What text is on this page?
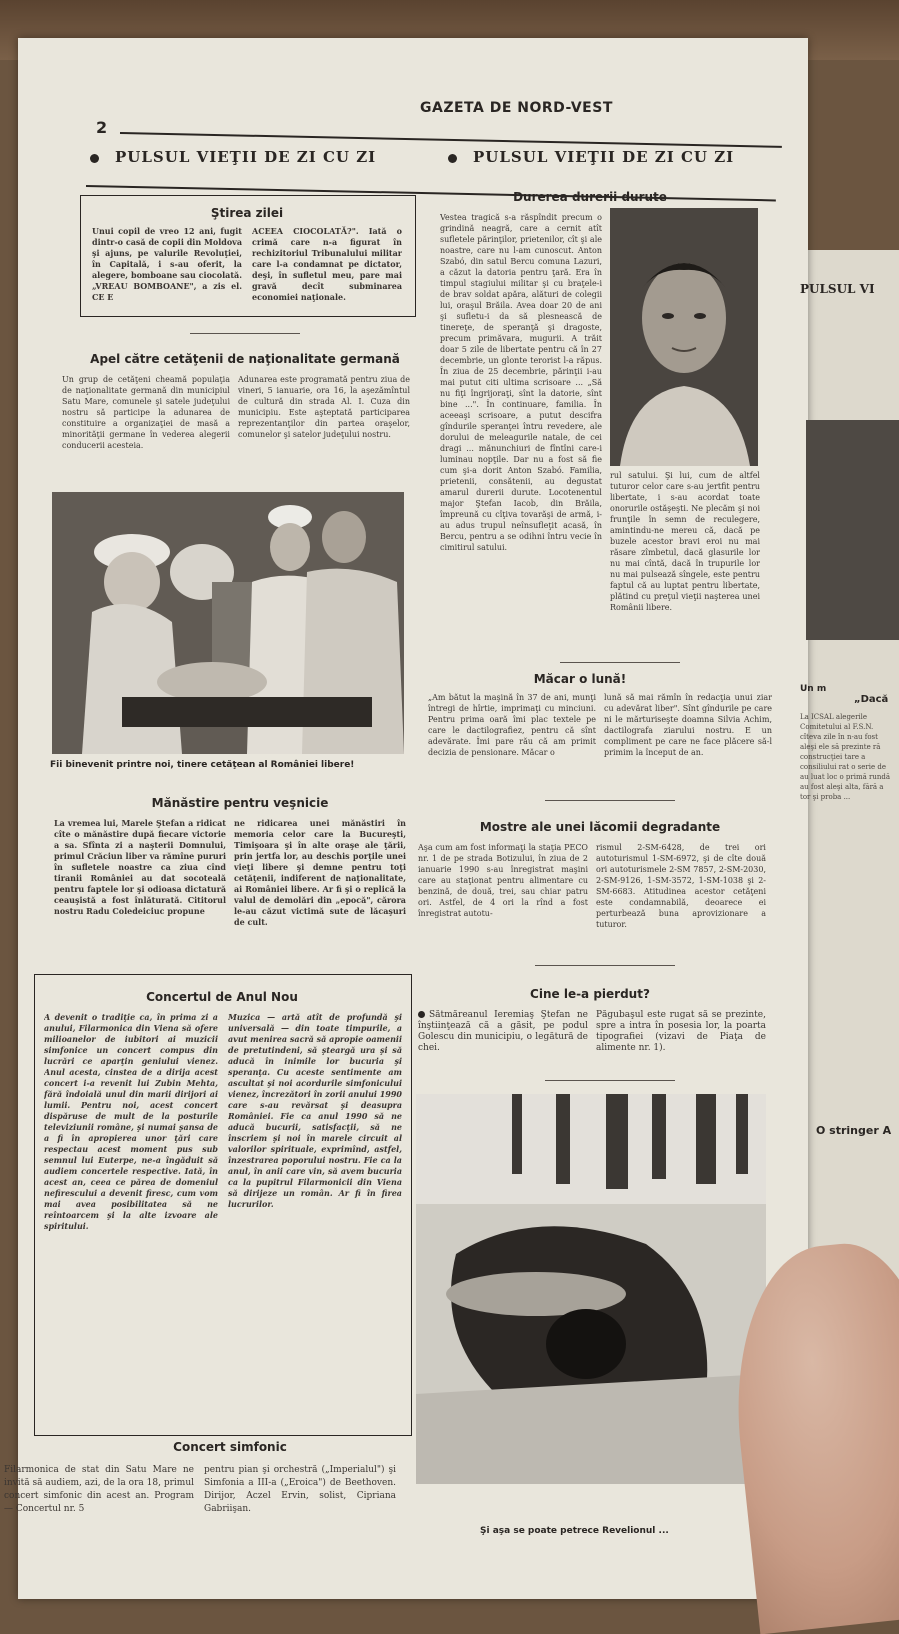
2
GAZETA DE NORD-VEST
PULSUL VIEŢII DE ZI CU ZI	PULSUL VIEŢII DE ZI CU ZI
Ştirea zilei
Unui copil de vreo 12 ani, fugit dintr-o casă de copii din Moldova şi ajuns, pe valurile Revoluţiei, în Capitală, i s-au oferit, la alegere, bomboane sau ciocolată. „VREAU BOMBOANE", a zis el. CE E
ACEEA CIOCOLATĂ?". Iată o crimă care n-a figurat în rechizitoriul Tribunalului militar care l-a condamnat pe dictator, deşi, în sufletul meu, pare mai gravă decît subminarea economiei naţionale.
Apel către cetăţenii de naţionalitate germană
Un grup de cetăţeni cheamă populaţia de naţionalitate germană din municipiul Satu Mare, comunele şi satele judeţului nostru să participe la adunarea de constituire a organizaţiei de masă a minorităţii germane în vederea alegerii conducerii acesteia.
Adunarea este programată pentru ziua de vineri, 5 ianuarie, ora 16, la aşezămîntul de cultură din strada Al. I. Cuza din municipiu. Este aşteptată participarea reprezentanţilor din partea oraşelor, comunelor şi satelor judeţului nostru.
Fii binevenit printre noi, tinere cetăţean al României libere!
Durerea durerii durute
Vestea tragică s-a răspîndit precum o grindină neagră, care a cernit atît sufletele părinţilor, prietenilor, cît şi ale noastre, care nu l-am cunoscut. Anton Szabó, din satul Bercu comuna Lazuri, a căzut la datoria pentru ţară. Era în timpul stagiului militar şi cu braţele-i de brav soldat apăra, alături de colegii lui, oraşul Brăila. Avea doar 20 de ani şi sufletu-i da să plesnească de tinereţe, de speranţă şi dragoste, precum primăvara, mugurii. A trăit doar 5 zile de libertate pentru că în 27 decembrie, un glonte terorist l-a răpus. În ziua de 25 decembrie, părinţii i-au mai putut citi ultima scrisoare ... „Să nu fiţi îngrijoraţi, sînt la datorie, sînt bine ...". În continuare, familia. În aceeaşi scrisoare, a putut descifra gîndurile speranţei întru revedere, ale dorului de meleagurile natale, de cei dragi ... mănunchiuri de fîntîni care-i luminau nopţile. Dar nu a fost să fie cum şi-a dorit Anton Szabó. Familia, prietenii, consătenii, au degustat amarul durerii durute. Locotenentul major Ştefan Iacob, din Brăila, împreună cu cîţiva tovarăşi de armă, i-au adus trupul neînsufleţit acasă, în Bercu, pentru a se odihni întru vecie în cimitirul satului.
rul satului. Şi lui, cum de altfel tuturor celor care s-au jertfit pentru libertate, i s-au acordat toate onorurile ostăşeşti. Ne plecăm şi noi frunţile în semn de reculegere, amintindu-ne mereu că, dacă pe buzele acestor bravi eroi nu mai răsare zîmbetul, dacă glasurile lor nu mai cîntă, dacă în trupurile lor nu mai pulsează sîngele, este pentru faptul că au luptat pentru libertate, plătind cu preţul vieţii naşterea unei Românii libere.
Măcar o lună!
„Am bătut la maşină în 37 de ani, munţi întregi de hîrtie, imprimaţi cu minciuni. Pentru prima oară îmi plac textele pe care le dactilografiez, pentru că sînt adevărate. Îmi pare rău că am primit decizia de pensionare. Măcar o
lună să mai rămîn în redacţia unui ziar cu adevărat liber". Sînt gîndurile pe care ni le mărturiseşte doamna Silvia Achim, dactilografa ziarului nostru. E un compliment pe care ne face plăcere să-l primim la început de an.
Mănăstire pentru veşnicie
La vremea lui, Marele Ştefan a ridicat cîte o mănăstire după fiecare victorie a sa. Sfînta zi a naşterii Domnului, primul Crăciun liber va rămîne pururi în sufletele noastre ca ziua cînd tiranii României au dat socoteală pentru faptele lor şi odioasa dictatură ceauşistă a fost înlăturată. Cititorul nostru Radu Coledeiciuc propune
ne ridicarea unei mănăstiri în memoria celor care la Bucureşti, Timişoara şi în alte oraşe ale ţării, prin jertfa lor, au deschis porţile unei vieţi libere şi demne pentru toţi cetăţenii, indiferent de naţionalitate, ai României libere. Ar fi şi o replică la valul de demolări din „epocă", cărora le-au căzut victimă sute de lăcaşuri de cult.
Mostre ale unei lăcomii degradante
Aşa cum am fost informaţi la staţia PECO nr. 1 de pe strada Botizului, în ziua de 2 ianuarie 1990 s-au înregistrat maşini care au staţionat pentru alimentare cu benzină, de două, trei, sau chiar patru ori. Astfel, de 4 ori la rînd a fost înregistrat autotu-
rismul 2-SM-6428, de trei ori autoturismul 1-SM-6972, şi de cîte două ori autoturismele 2-SM 7857, 2-SM-2030, 2-SM-9126, 1-SM-3572, 1-SM-1038 şi 2-SM-6683. Atitudinea acestor cetăţeni este condamnabilă, deoarece ei perturbează buna aprovizionare a tuturor.
Concertul de Anul Nou
A devenit o tradiţie ca, în prima zi a anului, Filarmonica din Viena să ofere milioanelor de iubitori ai muzicii simfonice un concert compus din lucrări ce aparţin geniului vienez. Anul acesta, cinstea de a dirija acest concert i-a revenit lui Zubin Mehta, fără îndoială unul din marii dirijori ai lumii. Pentru noi, acest concert dispăruse de mult de la posturile televiziunii române, şi numai şansa de a fi în apropierea unor ţări care respectau acest moment pus sub semnul lui Euterpe, ne-a îngăduit să audiem concertele respective. Iată, în acest an, ceea ce părea de domeniul nefirescului a devenit firesc, cum vom mai avea posibilitatea să ne reîntoarcem şi la alte izvoare ale spiritului.
Muzica — artă atît de profundă şi universală — din toate timpurile, a avut menirea sacră să apropie oamenii de pretutindeni, să şteargă ura şi să aducă în inimile lor bucuria şi speranţa. Cu aceste sentimente am ascultat şi noi acordurile simfonicului vienez, încrezători în zorii anului 1990 care s-au revărsat şi deasupra României. Fie ca anul 1990 să ne aducă bucurii, satisfacţii, să ne înscriem şi noi în marele circuit al valorilor spirituale, exprimînd, astfel, înzestrarea poporului nostru. Fie ca la anul, în anii care vin, să avem bucuria ca la pupitrul Filarmonicii din Viena să dirijeze un român. Ar fi în firea lucrurilor.
Cine le-a pierdut?
Sătmăreanul Ieremiaş Ştefan ne înştiinţează că a găsit, pe podul Golescu din municipiu, o legătură de chei.
Păgubaşul este rugat să se prezinte, spre a intra în posesia lor, la poarta tipografiei (vizavi de Piaţa de alimente nr. 1).
Şi aşa se poate petrece Revelionul ...
Concert simfonic
Filarmonica de stat din Satu Mare ne invită să audiem, azi, de la ora 18, primul concert simfonic din acest an. Program — Concertul nr. 5
pentru pian şi orchestră („Imperialul") şi Simfonia a III-a („Eroica") de Beethoven. Dirijor, Aczel Ervin, solist, Cipriana Gabriişan.
PULSUL VI
Un m
„Dacă
La ICSAL alegerile Comitetului al F.S.N. cîteva zile în n-au fost aleşi ele să prezinte ră construcţiei tare a consiliului rat o serie de au luat loc o primă rundă au fost aleşi alta, fără a tor şi proba ...
O stringer A
